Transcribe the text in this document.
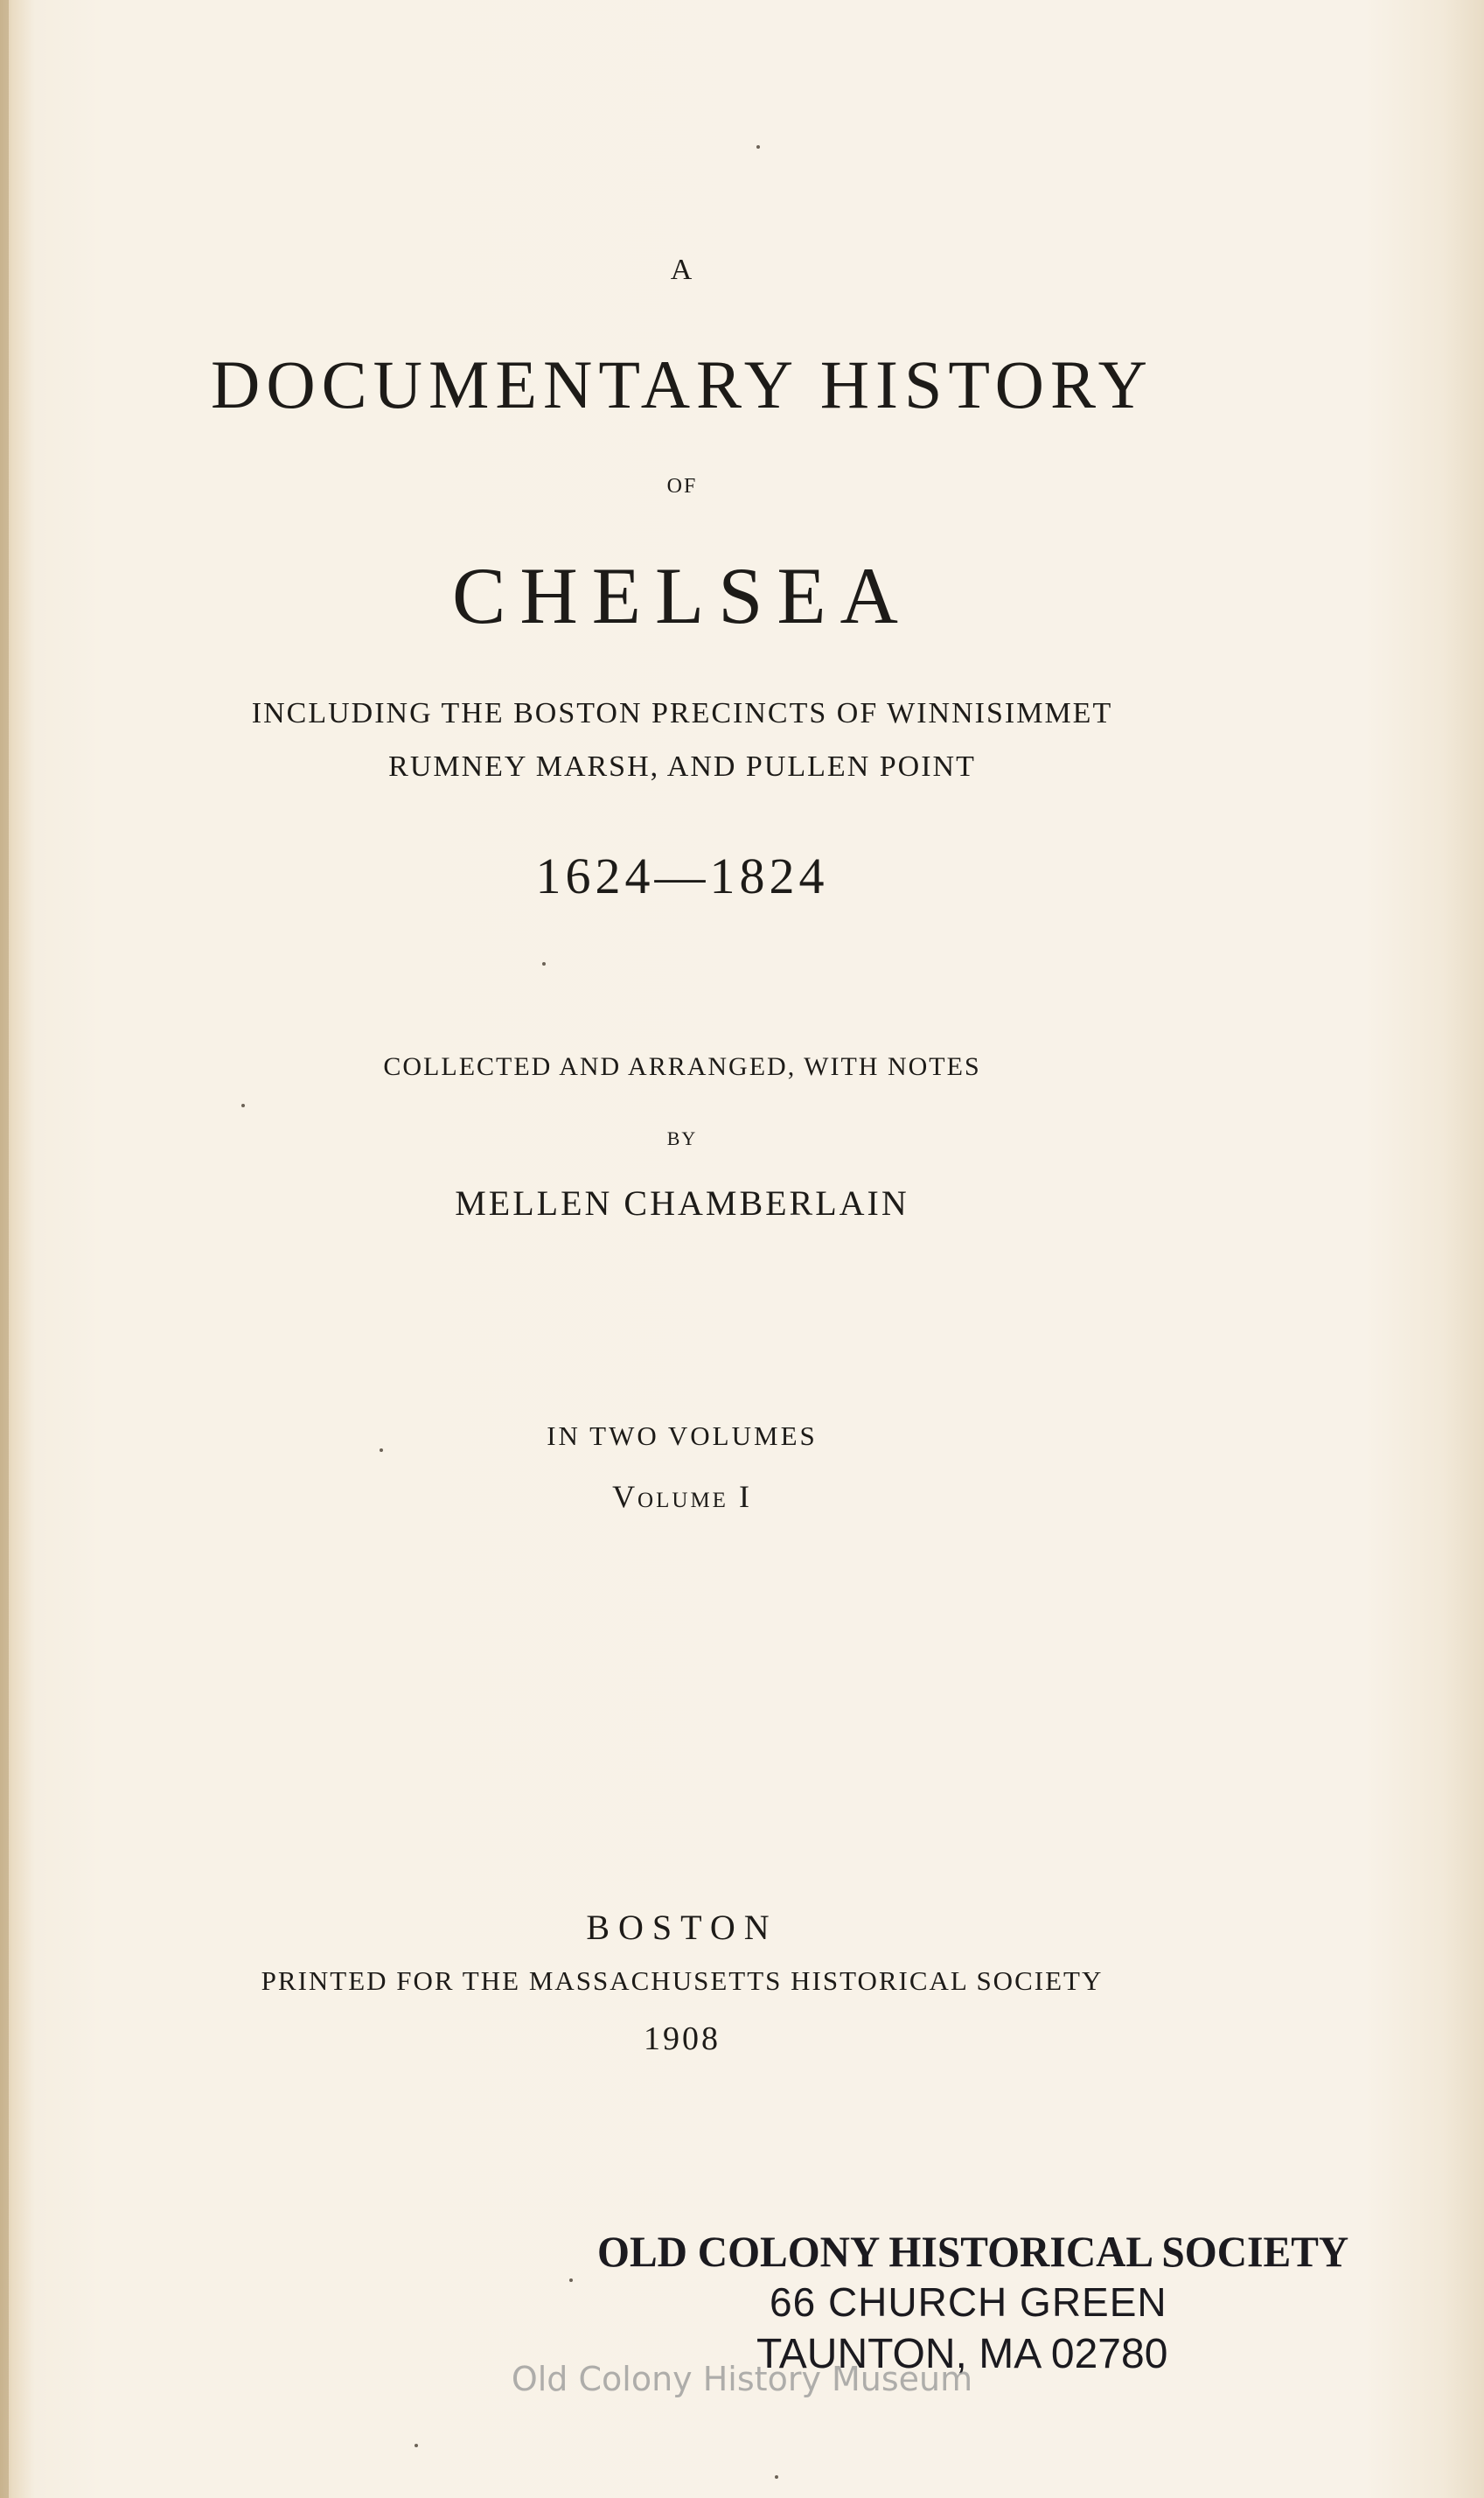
A
DOCUMENTARY HISTORY
OF
CHELSEA
INCLUDING THE BOSTON PRECINCTS OF WINNISIMMET
RUMNEY MARSH, AND PULLEN POINT
1624—1824
COLLECTED AND ARRANGED, WITH NOTES
BY
MELLEN CHAMBERLAIN
IN TWO VOLUMES
Volume I
BOSTON
PRINTED FOR THE MASSACHUSETTS HISTORICAL SOCIETY
1908
OLD COLONY HISTORICAL SOCIETY
66 CHURCH GREEN
TAUNTON, MA 02780
Old Colony History Museum
